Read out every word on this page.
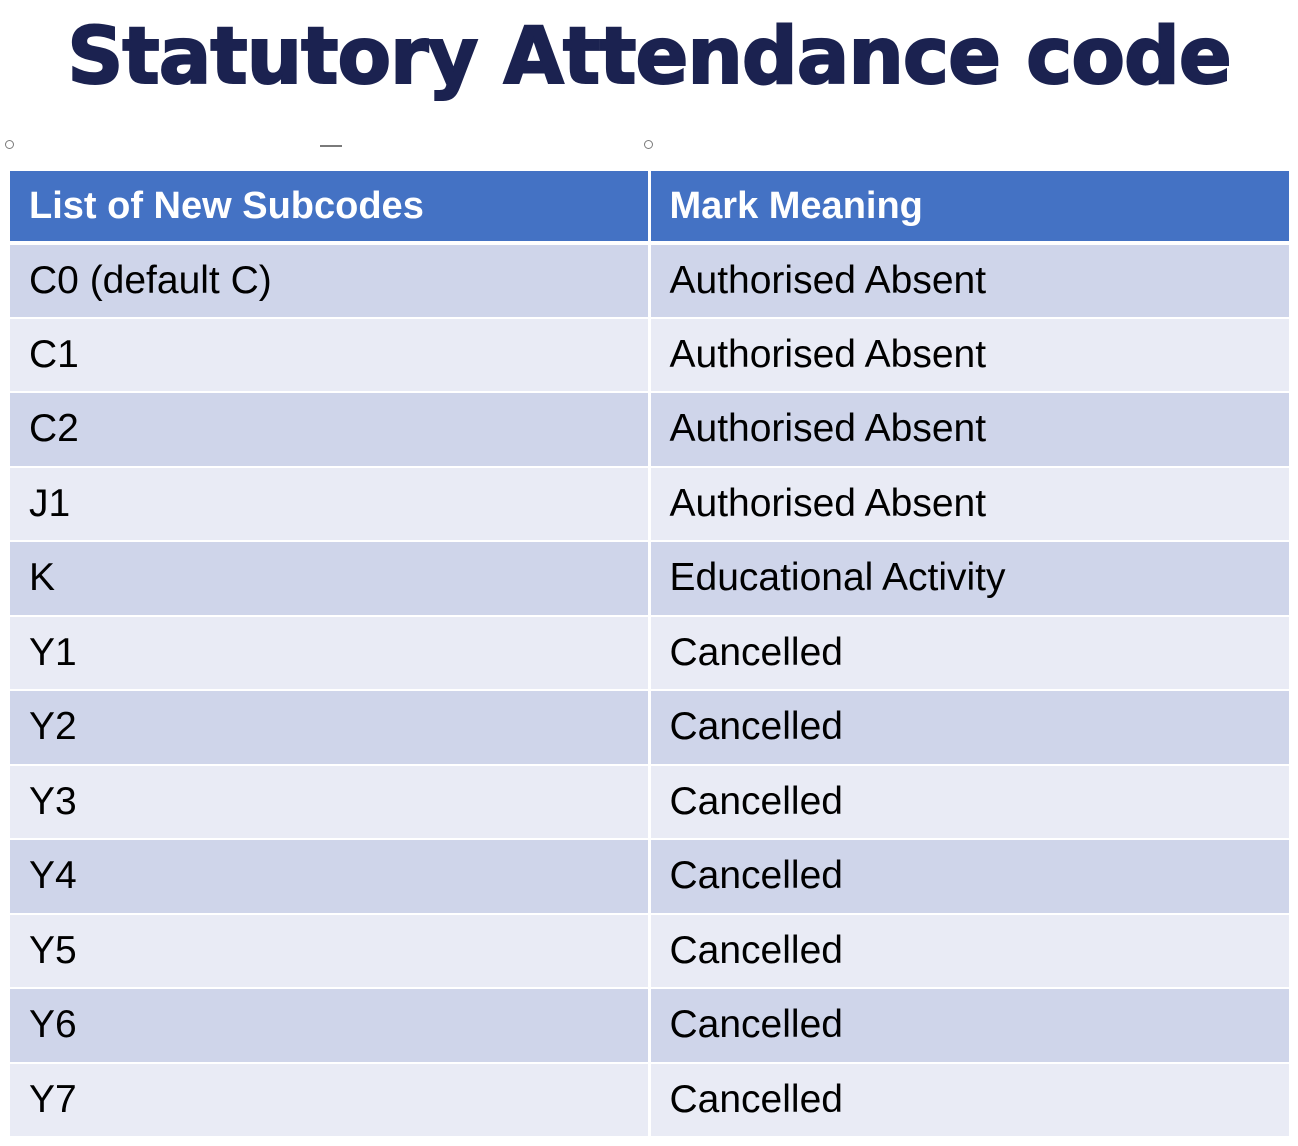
Statutory Attendance code
List of New Subcodes	Mark Meaning
C0 (default C)	Authorised Absent
C1	Authorised Absent
C2	Authorised Absent
J1	Authorised Absent
K	Educational Activity
Y1	Cancelled
Y2	Cancelled
Y3	Cancelled
Y4	Cancelled
Y5	Cancelled
Y6	Cancelled
Y7	Cancelled
